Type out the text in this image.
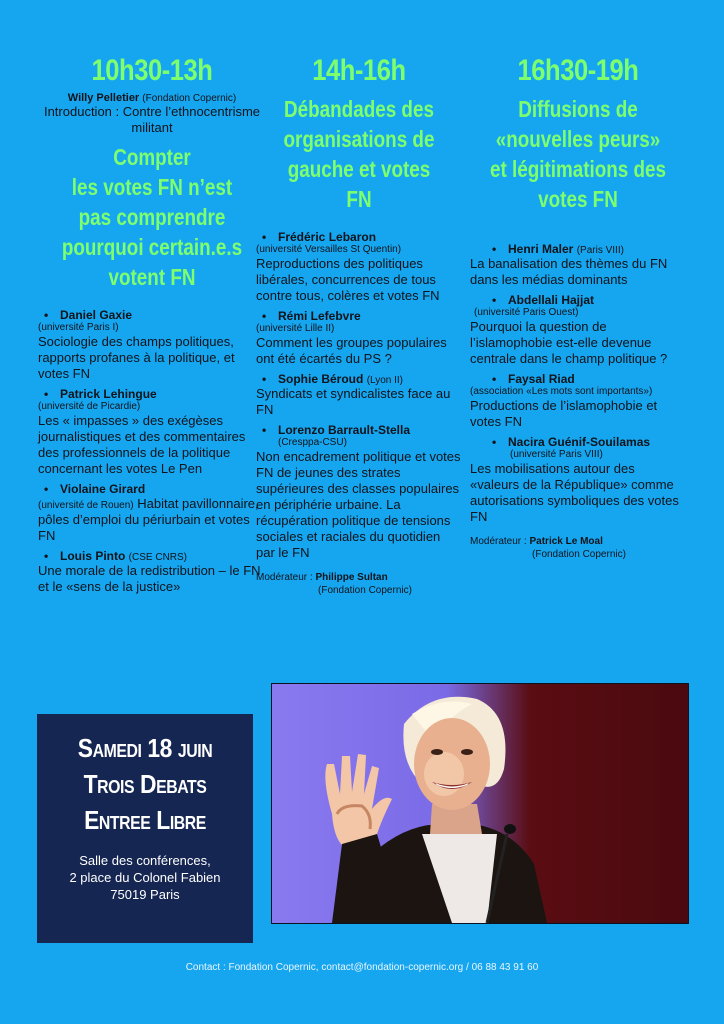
10h30-13h
Willy Pelletier (Fondation Copernic)
Introduction : Contre l’ethnocentrisme militant

Compter

les votes FN n’est

pas comprendre

pourquoi certain.e.s

votent FN

• Daniel Gaxie
(université Paris I)
Sociologie des champs politiques, rapports profanes à la politique, et votes FN
• Patrick Lehingue
(université de Picardie)
Les « impasses » des exégèses journalistiques et des commentaires des professionnels de la politique concernant les votes Le Pen
• Violaine Girard
(université de Rouen) Habitat pavillonnaire, pôles d’emploi du périurbain et votes FN
• Louis Pinto (CSE CNRS)
Une morale de la redistribution – le FN et le «sens de la justice»
14h-16h

Débandades des

organisations de

gauche et votes FN

• Frédéric Lebaron
(université Versailles St Quentin)
Reproductions des politiques libérales, concurrences de tous contre tous, colères et votes FN
• Rémi Lefebvre
(université Lille II)
Comment les groupes populaires ont été écartés du PS ?
• Sophie Béroud (Lyon II)
Syndicats et syndicalistes face au FN
• Lorenzo Barrault-Stella
(Cresppa-CSU)
Non encadrement politique et votes FN de jeunes des strates supérieures des classes populaires en périphérie urbaine. La récupération politique de tensions sociales et raciales du quotidien par le FN
Modérateur : Philippe Sultan
(Fondation Copernic)
16h30-19h

Diffusions de

«nouvelles peurs»

et légitimations des

votes FN

• Henri Maler (Paris VIII)
La banalisation des thèmes du FN dans les médias dominants
• Abdellali Hajjat
(université Paris Ouest)
Pourquoi la question de l’islamophobie est-elle devenue centrale dans le champ politique ?
• Faysal Riad
(association «Les mots sont importants»)
Productions de l’islamophobie et votes FN
• Nacira Guénif-Souilamas
(université Paris VIII)
Les mobilisations autour des «valeurs de la République» comme autorisations symboliques des votes FN
Modérateur : Patrick Le Moal
(Fondation Copernic)
Samedi 18 juin
Trois Debats
Entree Libre
Salle des conférences,
2 place du Colonel Fabien
75019 Paris
Contact : Fondation Copernic, contact@fondation-copernic.org / 06 88 43 91 60
